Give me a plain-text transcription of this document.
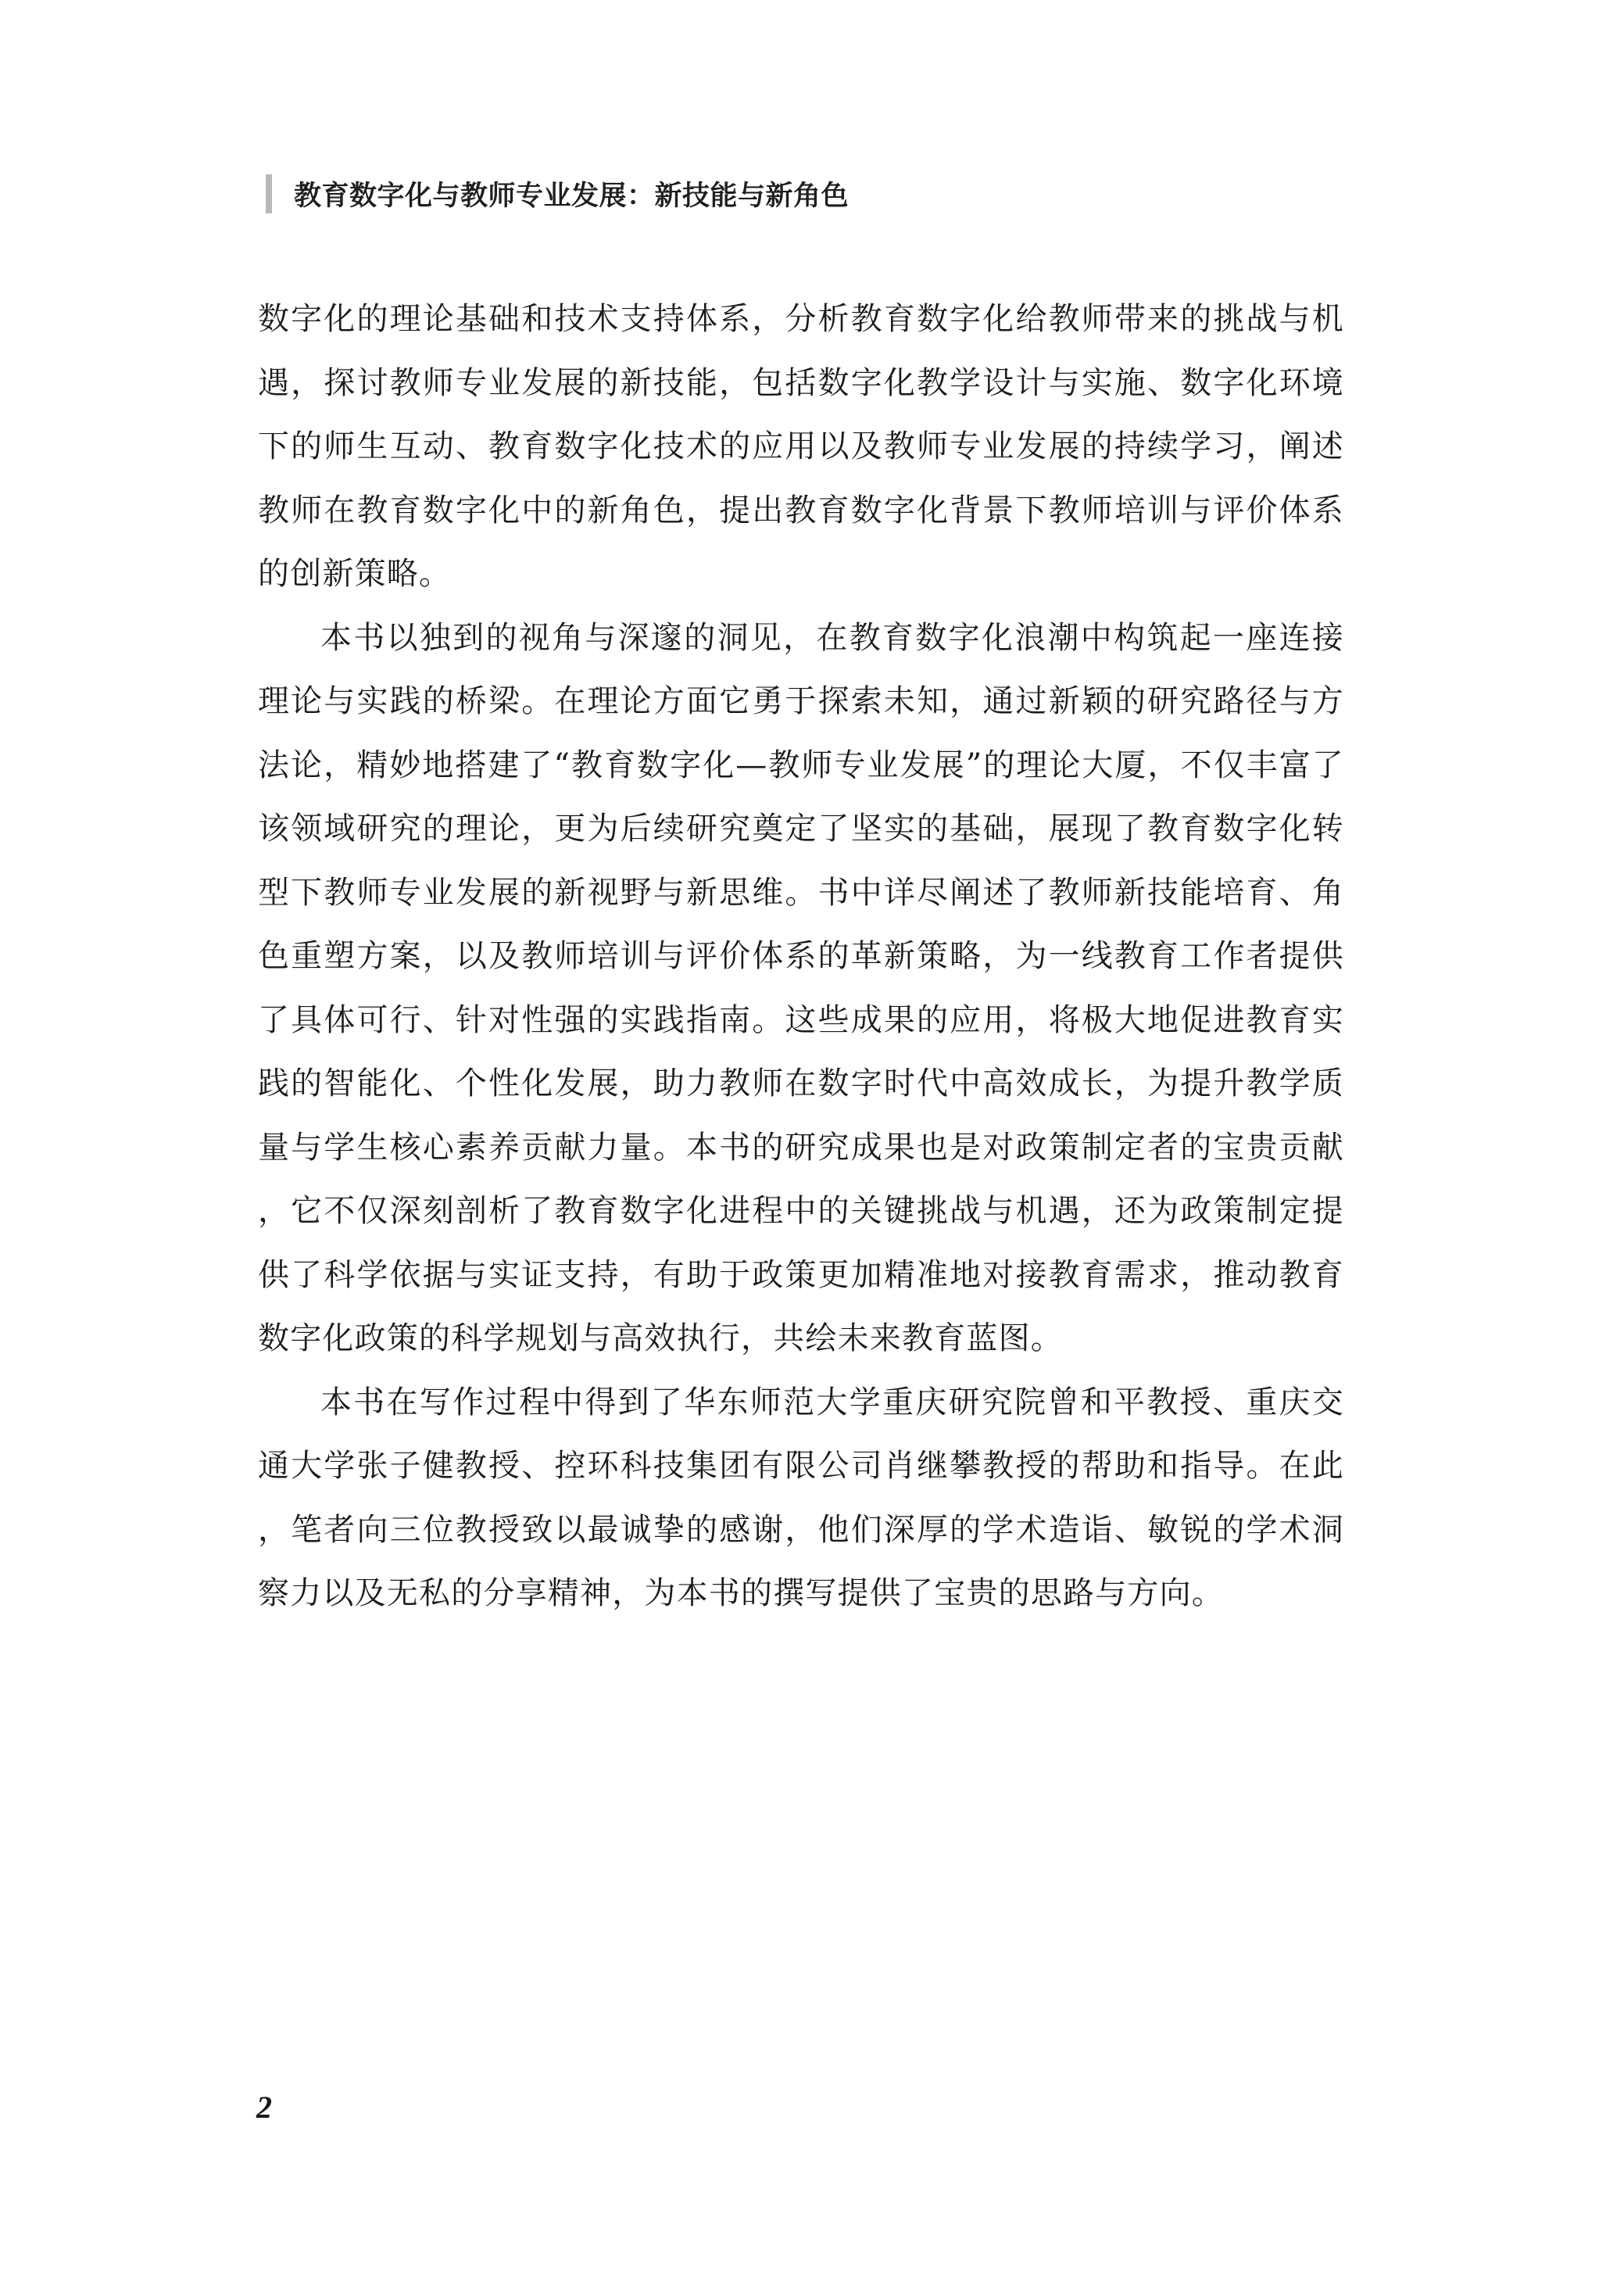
教育数字化与教师专业发展：新技能与新角色

数字化的理论基础和技术支持体系，分析教育数字化给教师带来的挑战与机遇，探讨教师专业发展的新技能，包括数字化教学设计与实施、数字化环境下的师生互动、教育数字化技术的应用以及教师专业发展的持续学习，阐述教师在教育数字化中的新角色，提出教育数字化背景下教师培训与评价体系的创新策略。

本书以独到的视角与深邃的洞见，在教育数字化浪潮中构筑起一座连接理论与实践的桥梁。在理论方面它勇于探索未知，通过新颖的研究路径与方法论，精妙地搭建了“教育数字化—教师专业发展”的理论大厦，不仅丰富了该领域研究的理论，更为后续研究奠定了坚实的基础，展现了教育数字化转型下教师专业发展的新视野与新思维。书中详尽阐述了教师新技能培育、角色重塑方案，以及教师培训与评价体系的革新策略，为一线教育工作者提供了具体可行、针对性强的实践指南。这些成果的应用，将极大地促进教育实践的智能化、个性化发展，助力教师在数字时代中高效成长，为提升教学质量与学生核心素养贡献力量。本书的研究成果也是对政策制定者的宝贵贡献，它不仅深刻剖析了教育数字化进程中的关键挑战与机遇，还为政策制定提供了科学依据与实证支持，有助于政策更加精准地对接教育需求，推动教育数字化政策的科学规划与高效执行，共绘未来教育蓝图。

本书在写作过程中得到了华东师范大学重庆研究院曾和平教授、重庆交通大学张子健教授、控环科技集团有限公司肖继攀教授的帮助和指导。在此，笔者向三位教授致以最诚挚的感谢，他们深厚的学术造诣、敏锐的学术洞察力以及无私的分享精神，为本书的撰写提供了宝贵的思路与方向。

2
